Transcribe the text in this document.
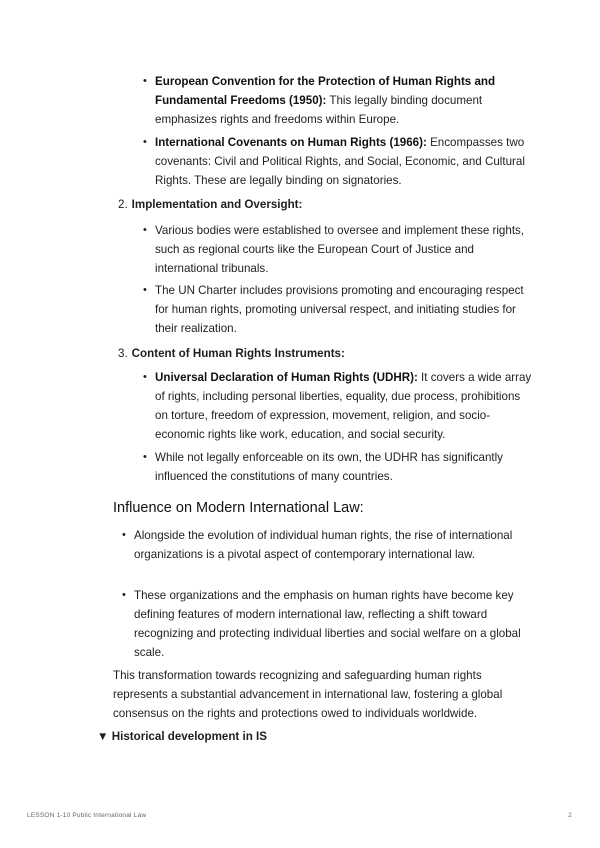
• European Convention for the Protection of Human Rights and Fundamental Freedoms (1950): This legally binding document emphasizes rights and freedoms within Europe.
• International Covenants on Human Rights (1966): Encompasses two covenants: Civil and Political Rights, and Social, Economic, and Cultural Rights. These are legally binding on signatories.
2. Implementation and Oversight:
• Various bodies were established to oversee and implement these rights, such as regional courts like the European Court of Justice and international tribunals.
• The UN Charter includes provisions promoting and encouraging respect for human rights, promoting universal respect, and initiating studies for their realization.
3. Content of Human Rights Instruments:
• Universal Declaration of Human Rights (UDHR): It covers a wide array of rights, including personal liberties, equality, due process, prohibitions on torture, freedom of expression, movement, religion, and socio-economic rights like work, education, and social security.
• While not legally enforceable on its own, the UDHR has significantly influenced the constitutions of many countries.
Influence on Modern International Law:
• Alongside the evolution of individual human rights, the rise of international organizations is a pivotal aspect of contemporary international law.
• These organizations and the emphasis on human rights have become key defining features of modern international law, reflecting a shift toward recognizing and protecting individual liberties and social welfare on a global scale.
This transformation towards recognizing and safeguarding human rights represents a substantial advancement in international law, fostering a global consensus on the rights and protections owed to individuals worldwide.
▼ Historical development in IS
LESSON 1-10 Public International Law	2
